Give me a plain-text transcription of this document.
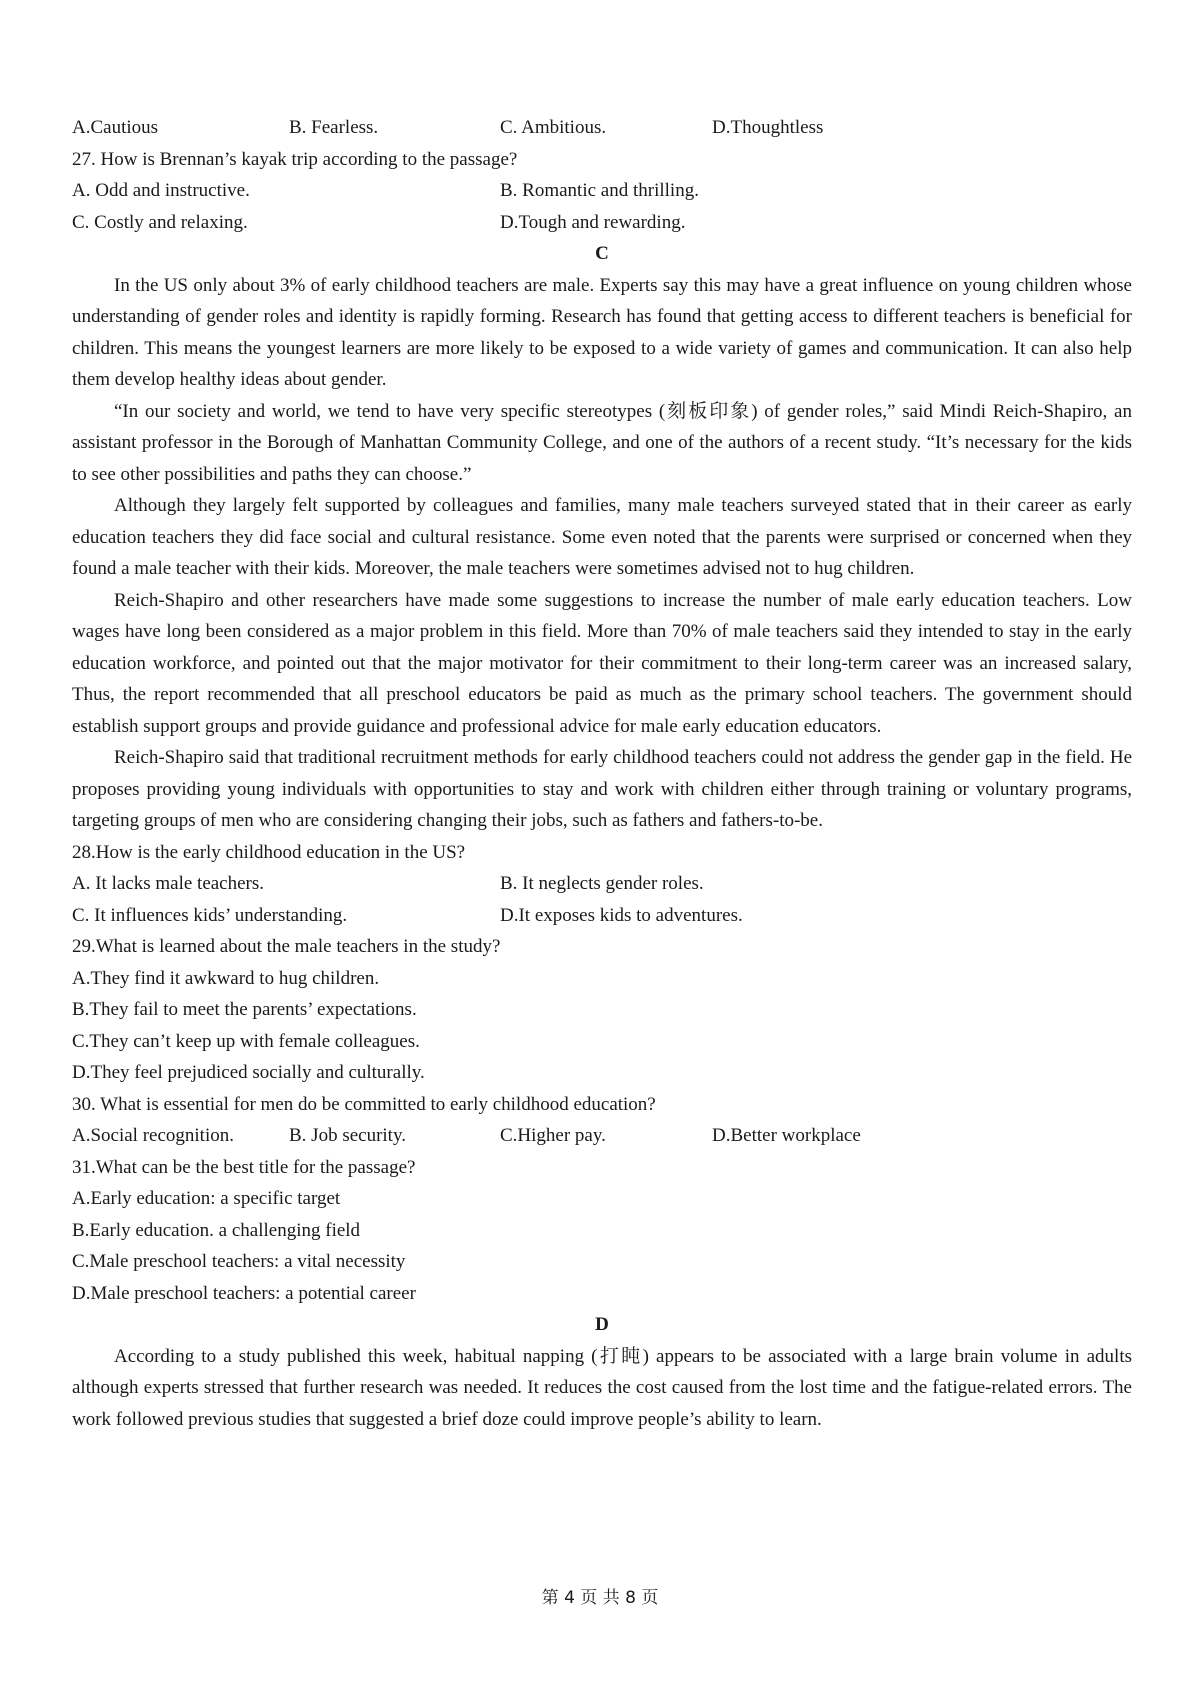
A.Cautious	B. Fearless.	C. Ambitious.	D.Thoughtless
27. How is Brennan’s kayak trip according to the passage?
A. Odd and instructive.	B. Romantic and thrilling.
C. Costly and relaxing.	D.Tough and rewarding.
C

In the US only about 3% of early childhood teachers are male. Experts say this may have a great influence on young children whose understanding of gender roles and identity is rapidly forming. Research has found that getting access to different teachers is beneficial for children. This means the youngest learners are more likely to be exposed to a wide variety of games and communication. It can also help them develop healthy ideas about gender.

“In our society and world, we tend to have very specific stereotypes (刻板印象) of gender roles,” said Mindi Reich-Shapiro, an assistant professor in the Borough of Manhattan Community College, and one of the authors of a recent study. “It’s necessary for the kids to see other possibilities and paths they can choose.”

Although they largely felt supported by colleagues and families, many male teachers surveyed stated that in their career as early education teachers they did face social and cultural resistance. Some even noted that the parents were surprised or concerned when they found a male teacher with their kids. Moreover, the male teachers were sometimes advised not to hug children.

Reich-Shapiro and other researchers have made some suggestions to increase the number of male early education teachers. Low wages have long been considered as a major problem in this field. More than 70% of male teachers said they intended to stay in the early education workforce, and pointed out that the major motivator for their commitment to their long-term career was an increased salary, Thus, the report recommended that all preschool educators be paid as much as the primary school teachers. The government should establish support groups and provide guidance and professional advice for male early education educators.

Reich-Shapiro said that traditional recruitment methods for early childhood teachers could not address the gender gap in the field. He proposes providing young individuals with opportunities to stay and work with children either through training or voluntary programs, targeting groups of men who are considering changing their jobs, such as fathers and fathers-to-be.

28.How is the early childhood education in the US?
A. It lacks male teachers.	B. It neglects gender roles.
C. It influences kids’ understanding.	D.It exposes kids to adventures.
29.What is learned about the male teachers in the study?
A.They find it awkward to hug children.
B.They fail to meet the parents’ expectations.
C.They can’t keep up with female colleagues.
D.They feel prejudiced socially and culturally.
30. What is essential for men do be committed to early childhood education?
A.Social recognition.	B. Job security.	C.Higher pay.	D.Better workplace
31.What can be the best title for the passage?
A.Early education: a specific target
B.Early education. a challenging field
C.Male preschool teachers: a vital necessity
D.Male preschool teachers: a potential career
D

According to a study published this week, habitual napping (打盹) appears to be associated with a large brain volume in adults although experts stressed that further research was needed. It reduces the cost caused from the lost time and the fatigue-related errors. The work followed previous studies that suggested a brief doze could improve people’s ability to learn.

第 4 页 共 8 页
